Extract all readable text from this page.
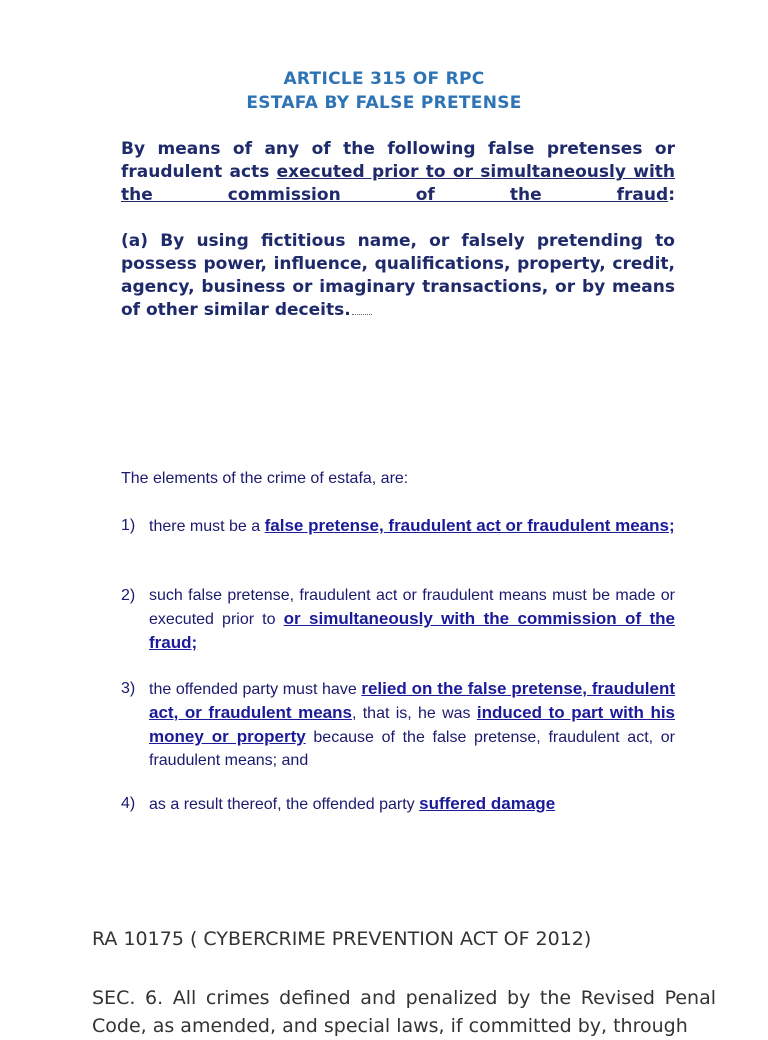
ARTICLE 315 OF RPC
ESTAFA BY FALSE PRETENSE

By means of any of the following false pretenses or fraudulent acts executed prior to or simultaneously with the commission of the fraud:

(a) By using fictitious name, or falsely pretending to possess power, influence, qualifications, property, credit, agency, business or imaginary transactions, or by means of other similar deceits.

The elements of the crime of estafa, are:
1) there must be a false pretense, fraudulent act or fraudulent means;
2) such false pretense, fraudulent act or fraudulent means must be made or executed prior to or simultaneously with the commission of the fraud;
3) the offended party must have relied on the false pretense, fraudulent act, or fraudulent means, that is, he was induced to part with his money or property because of the false pretense, fraudulent act, or fraudulent means; and
4) as a result thereof, the offended party suffered damage
RA 10175 ( CYBERCRIME PREVENTION ACT OF 2012)

SEC. 6. All crimes defined and penalized by the Revised Penal Code, as amended, and special laws, if committed by, through
